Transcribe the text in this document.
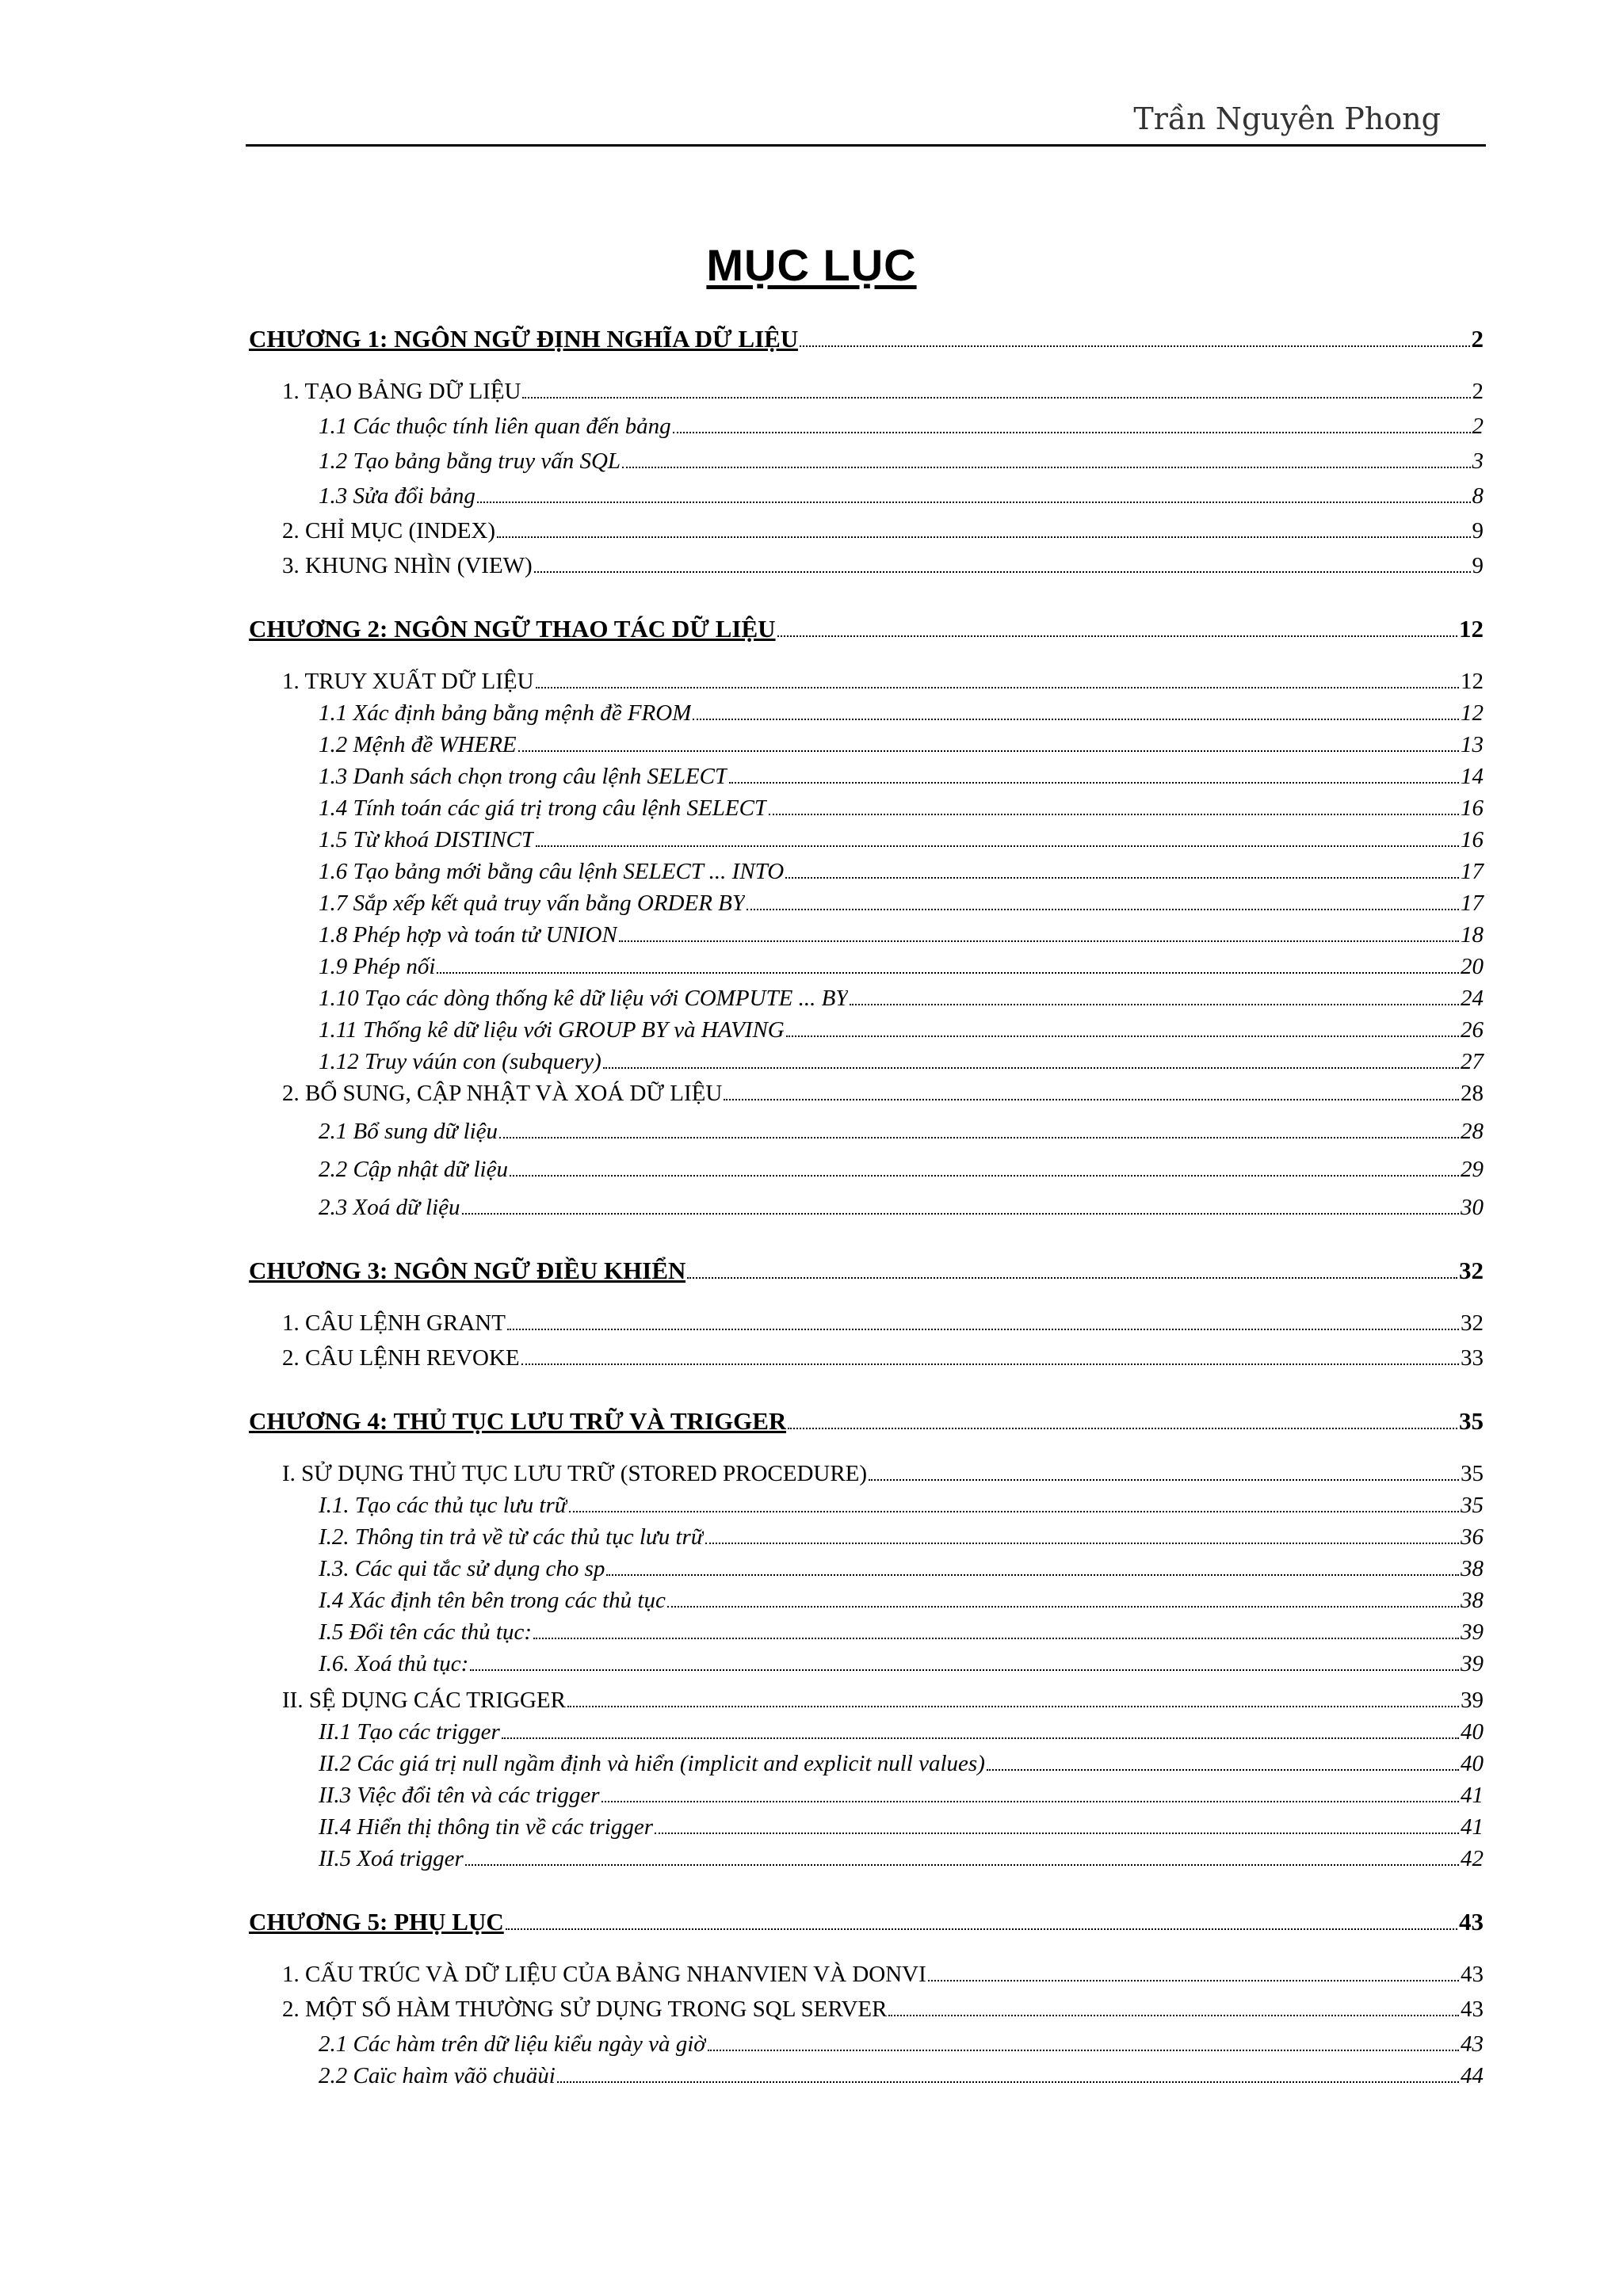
Trần Nguyên Phong
MỤC LỤC
CHƯƠNG 1: NGÔN NGỮ ĐỊNH NGHĨA DỮ LIỆU	2
1. TẠO BẢNG DỮ LIỆU	2
1.1 Các thuộc tính liên quan đến bảng	2
1.2 Tạo bảng bằng truy vấn SQL	3
1.3 Sửa đổi bảng	8
2. CHỈ MỤC (INDEX)	9
3. KHUNG NHÌN (VIEW)	9
CHƯƠNG 2: NGÔN NGỮ THAO TÁC DỮ LIỆU	12
1. TRUY XUẤT DỮ LIỆU	12
1.1 Xác định bảng bằng mệnh đề FROM	12
1.2 Mệnh đề WHERE	13
1.3 Danh sách chọn trong câu lệnh SELECT	14
1.4 Tính toán các giá trị trong câu lệnh SELECT	16
1.5 Từ khoá DISTINCT	16
1.6 Tạo bảng mới bằng câu lệnh SELECT ... INTO	17
1.7 Sắp xếp kết quả truy vấn bằng ORDER BY	17
1.8 Phép hợp và toán tử UNION	18
1.9 Phép nối	20
1.10 Tạo các dòng thống kê dữ liệu với COMPUTE ... BY	24
1.11 Thống kê dữ liệu với GROUP BY và HAVING	26
1.12 Truy váún con (subquery)	27
2. BỔ SUNG, CẬP NHẬT VÀ XOÁ DỮ LIỆU	28
2.1 Bổ sung dữ liệu	28
2.2 Cập nhật dữ liệu	29
2.3 Xoá dữ liệu	30
CHƯƠNG 3: NGÔN NGỮ ĐIỀU KHIỂN	32
1. CÂU LỆNH GRANT	32
2. CÂU LỆNH REVOKE	33
CHƯƠNG 4: THỦ TỤC LƯU TRỮ VÀ TRIGGER	35
I. SỬ DỤNG THỦ TỤC LƯU TRỮ (STORED PROCEDURE)	35
I.1. Tạo các thủ tục lưu trữ	35
I.2. Thông tin trả về từ các thủ tục lưu trữ	36
I.3. Các qui tắc sử dụng cho sp	38
I.4 Xác định tên bên trong các thủ tục	38
I.5 Đổi tên các thủ tục:	39
I.6. Xoá thủ tục:	39
II. SỆ DỤNG CÁC TRIGGER	39
II.1 Tạo các trigger	40
II.2 Các giá trị null ngầm định và hiển (implicit and explicit null values)	40
II.3 Việc đổi tên và các trigger	41
II.4 Hiển thị thông tin về các trigger	41
II.5 Xoá trigger	42
CHƯƠNG 5: PHỤ LỤC	43
1. CẤU TRÚC VÀ DỮ LIỆU CỦA BẢNG NHANVIEN VÀ DONVI	43
2. MỘT SỐ HÀM THƯỜNG SỬ DỤNG TRONG SQL SERVER	43
2.1 Các hàm trên dữ liệu kiểu ngày và giờ	43
2.2 Caïc haìm vãö chuäùi	44
